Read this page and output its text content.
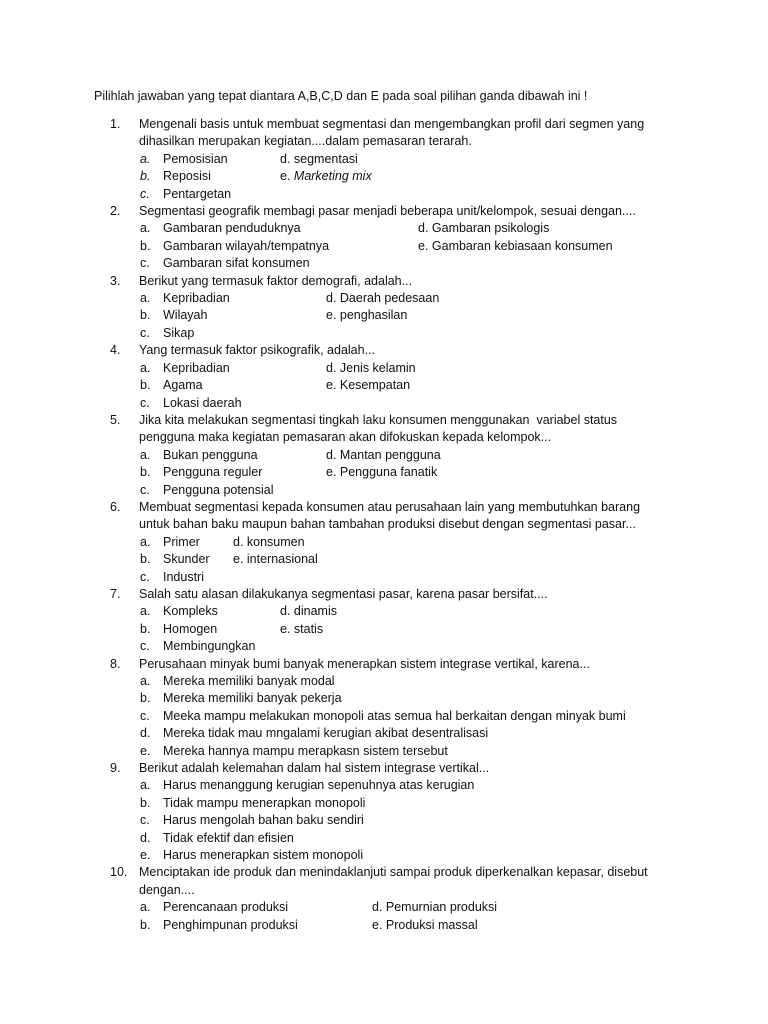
Pilihlah jawaban yang tepat diantara A,B,C,D dan E pada soal pilihan ganda dibawah ini !
1. Mengenali basis untuk membuat segmentasi dan mengembangkan profil dari segmen yang
dihasilkan merupakan kegiatan....dalam pemasaran terarah.
a. Pemosisian	d. segmentasi
b. Reposisi	e. Marketing mix
c. Pentargetan
2. Segmentasi geografik membagi pasar menjadi beberapa unit/kelompok, sesuai dengan....
a. Gambaran penduduknya	d. Gambaran psikologis
b. Gambaran wilayah/tempatnya	e. Gambaran kebiasaan konsumen
c. Gambaran sifat konsumen
3. Berikut yang termasuk faktor demografi, adalah...
a. Kepribadian	d. Daerah pedesaan
b. Wilayah	e. penghasilan
c. Sikap
4. Yang termasuk faktor psikografik, adalah...
a. Kepribadian	d. Jenis kelamin
b. Agama	e. Kesempatan
c. Lokasi daerah
5. Jika kita melakukan segmentasi tingkah laku konsumen menggunakan  variabel status
pengguna maka kegiatan pemasaran akan difokuskan kepada kelompok...
a. Bukan pengguna	d. Mantan pengguna
b. Pengguna reguler	e. Pengguna fanatik
c. Pengguna potensial
6. Membuat segmentasi kepada konsumen atau perusahaan lain yang membutuhkan barang
untuk bahan baku maupun bahan tambahan produksi disebut dengan segmentasi pasar...
a. Primer	d. konsumen
b. Skunder e. internasional
c. Industri
7. Salah satu alasan dilakukanya segmentasi pasar, karena pasar bersifat....
a. Kompleks	d. dinamis
b. Homogen	e. statis
c. Membingungkan
8. Perusahaan minyak bumi banyak menerapkan sistem integrase vertikal, karena...
a. Mereka memiliki banyak modal
b. Mereka memiliki banyak pekerja
c. Meeka mampu melakukan monopoli atas semua hal berkaitan dengan minyak bumi
d. Mereka tidak mau mngalami kerugian akibat desentralisasi
e. Mereka hannya mampu merapkasn sistem tersebut
9. Berikut adalah kelemahan dalam hal sistem integrase vertikal...
a. Harus menanggung kerugian sepenuhnya atas kerugian
b. Tidak mampu menerapkan monopoli
c. Harus mengolah bahan baku sendiri
d. Tidak efektif dan efisien
e. Harus menerapkan sistem monopoli
10. Menciptakan ide produk dan menindaklanjuti sampai produk diperkenalkan kepasar, disebut
dengan....
a. Perencanaan produksi	d. Pemurnian produksi
b. Penghimpunan produksi	e. Produksi massal
